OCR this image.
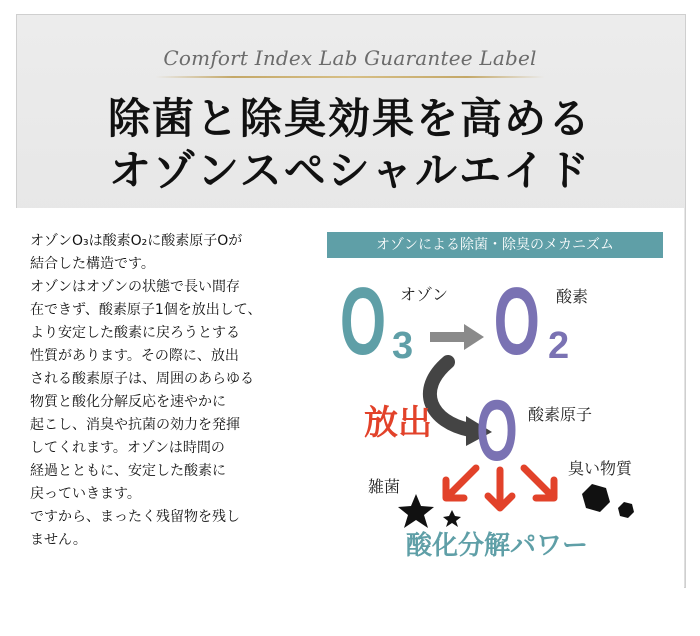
Comfort Index Lab Guarantee Label
除菌と除臭効果を高める
オゾンスペシャルエイド
オゾンO₃は酸素O₂に酸素原子Oが
結合した構造です。
オゾンはオゾンの状態で長い間存
在できず、酸素原子1個を放出して、
より安定した酸素に戻ろうとする
性質があります。その際に、放出
される酸素原子は、周囲のあらゆる
物質と酸化分解反応を速やかに
起こし、消臭や抗菌の効力を発揮
してくれます。オゾンは時間の
経過とともに、安定した酸素に
戻っていきます。
ですから、まったく残留物を残し
ません。
オゾンによる除菌・除臭のメカニズム
O 3
オゾン O 2
酸素
放出 O 酸素原子
雑菌
臭い物質
酸化分解パワー
